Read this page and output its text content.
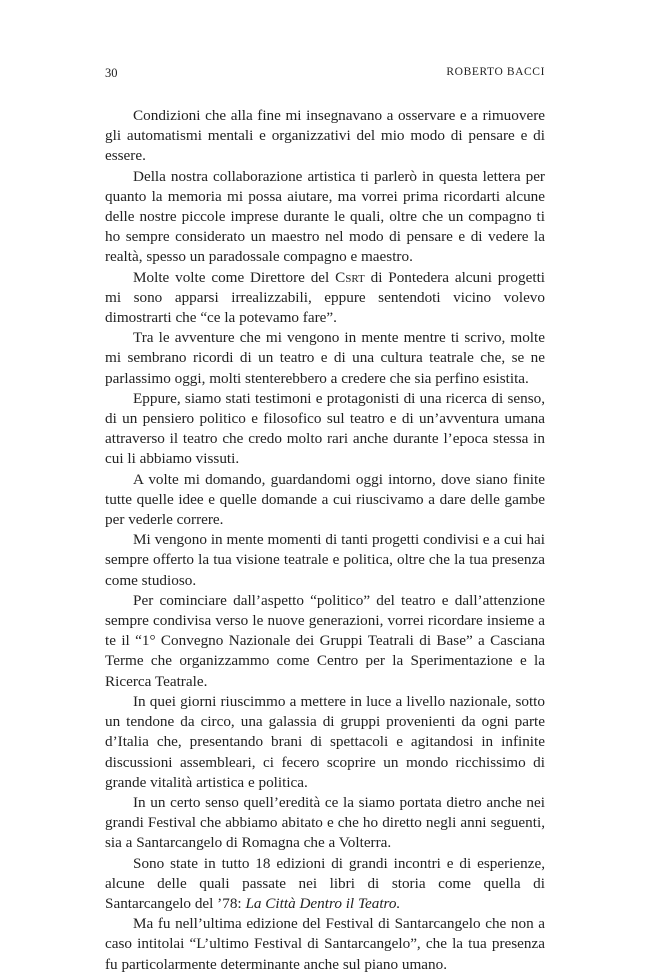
30	ROBERTO BACCI

Condizioni che alla fine mi insegnavano a osservare e a rimuovere gli automatismi mentali e organizzativi del mio modo di pensare e di essere.

Della nostra collaborazione artistica ti parlerò in questa lettera per quanto la memoria mi possa aiutare, ma vorrei prima ricordarti alcune delle nostre piccole imprese durante le quali, oltre che un compagno ti ho sempre considerato un maestro nel modo di pensare e di vedere la realtà, spesso un paradossale compagno e maestro.

Molte volte come Direttore del Csrt di Pontedera alcuni progetti mi sono apparsi irrealizzabili, eppure sentendoti vicino volevo dimostrarti che “ce la potevamo fare”.

Tra le avventure che mi vengono in mente mentre ti scrivo, molte mi sembrano ricordi di un teatro e di una cultura teatrale che, se ne parlassimo oggi, molti stenterebbero a credere che sia perfino esistita.

Eppure, siamo stati testimoni e protagonisti di una ricerca di senso, di un pensiero politico e filosofico sul teatro e di un’avventura umana attraverso il teatro che credo molto rari anche durante l’epoca stessa in cui li abbiamo vissuti.

A volte mi domando, guardandomi oggi intorno, dove siano finite tutte quelle idee e quelle domande a cui riuscivamo a dare delle gambe per vederle correre.

Mi vengono in mente momenti di tanti progetti condivisi e a cui hai sempre offerto la tua visione teatrale e politica, oltre che la tua presenza come studioso.

Per cominciare dall’aspetto “politico” del teatro e dall’attenzione sempre condivisa verso le nuove generazioni, vorrei ricordare insieme a te il “1° Convegno Nazionale dei Gruppi Teatrali di Base” a Casciana Terme che organizzammo come Centro per la Sperimentazione e la Ricerca Teatrale.

In quei giorni riuscimmo a mettere in luce a livello nazionale, sotto un tendone da circo, una galassia di gruppi provenienti da ogni parte d’Italia che, presentando brani di spettacoli e agitandosi in infinite discussioni assembleari, ci fecero scoprire un mondo ricchissimo di grande vitalità artistica e politica.

In un certo senso quell’eredità ce la siamo portata dietro anche nei grandi Festival che abbiamo abitato e che ho diretto negli anni seguenti, sia a Santarcangelo di Romagna che a Volterra.

Sono state in tutto 18 edizioni di grandi incontri e di esperienze, alcune delle quali passate nei libri di storia come quella di Santarcangelo del ’78: La Città Dentro il Teatro.

Ma fu nell’ultima edizione del Festival di Santarcangelo che non a caso intitolai “L’ultimo Festival di Santarcangelo”, che la tua presenza fu particolarmente determinante anche sul piano umano.
